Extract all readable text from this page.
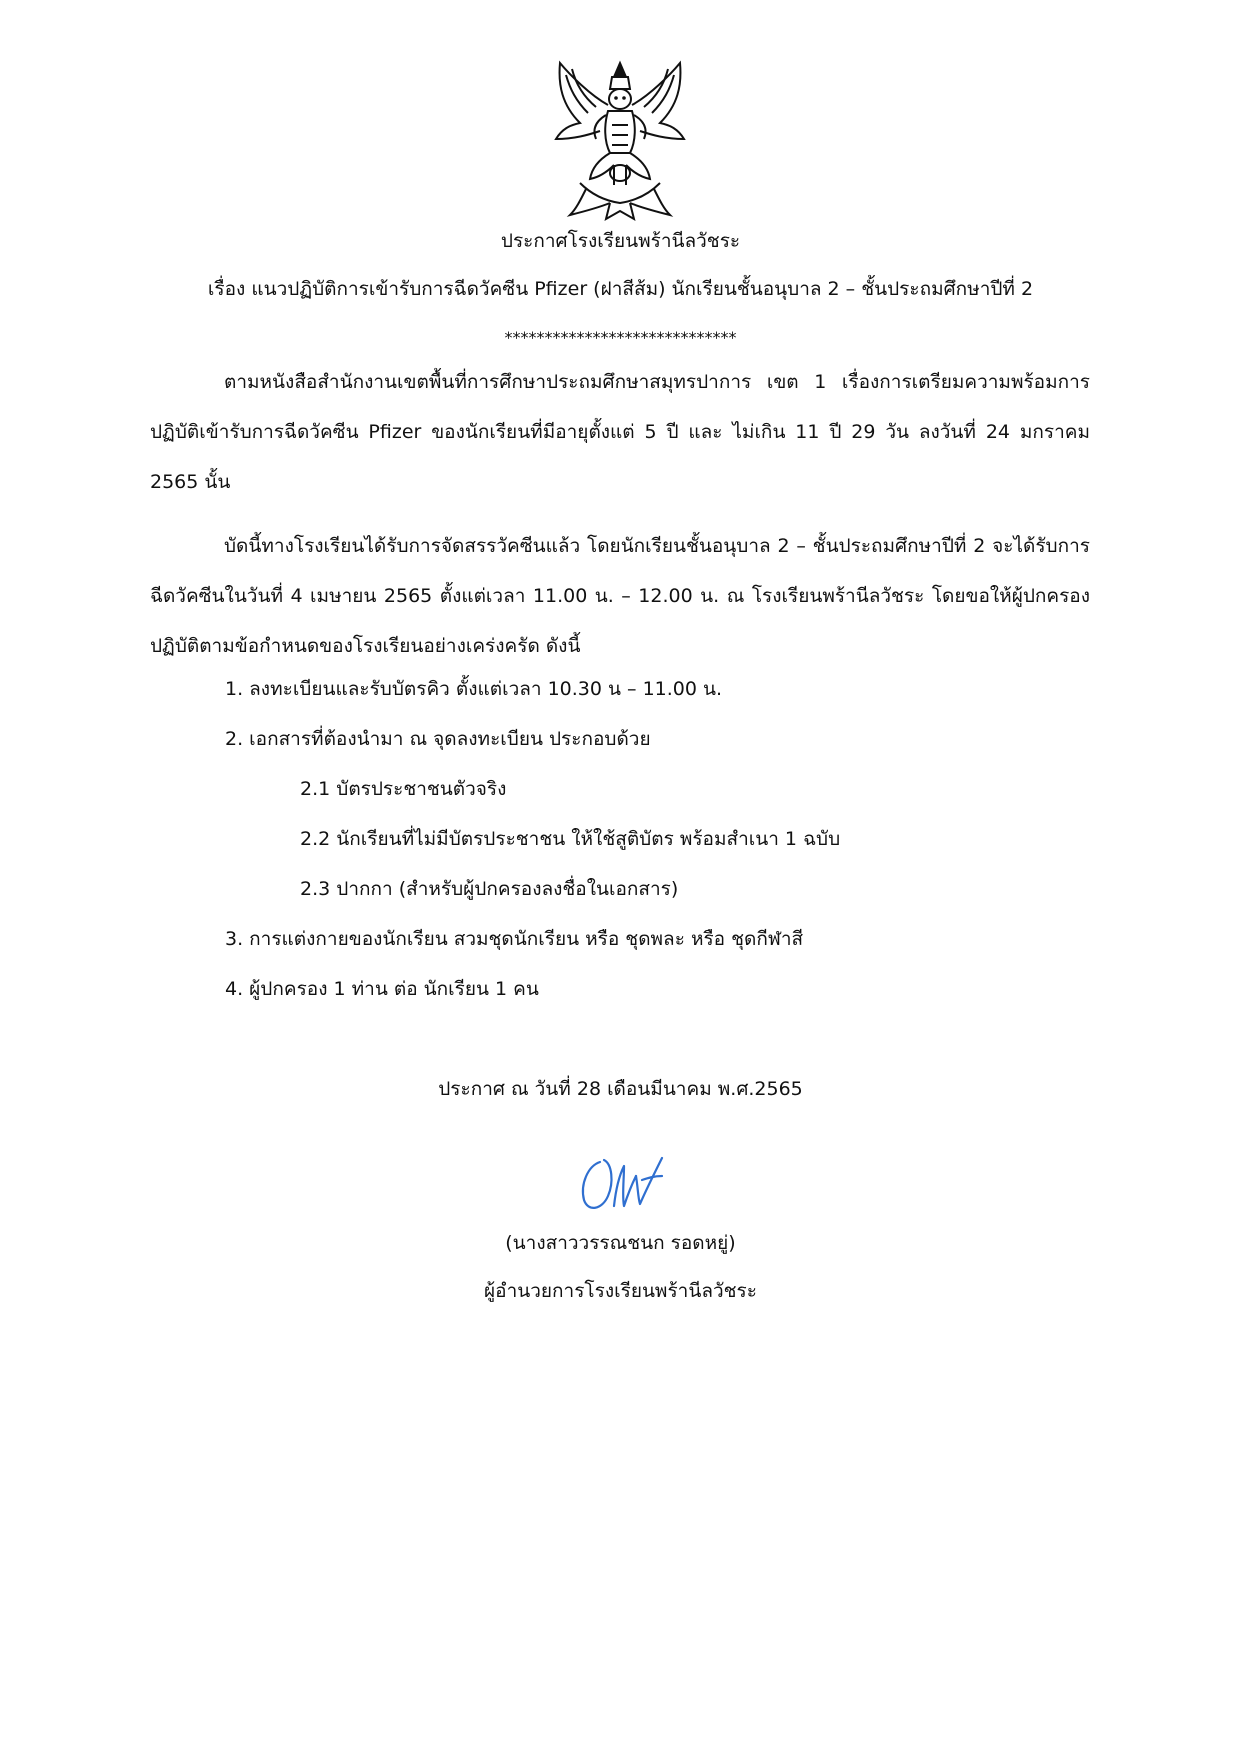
ประกาศโรงเรียนพร้านีลวัชระ
เรื่อง แนวปฏิบัติการเข้ารับการฉีดวัคซีน Pfizer (ฝาสีส้ม) นักเรียนชั้นอนุบาล 2 – ชั้นประถมศึกษาปีที่ 2
*****************************

ตามหนังสือสำนักงานเขตพื้นที่การศึกษาประถมศึกษาสมุทรปาการ เขต 1 เรื่องการเตรียมความพร้อมการปฏิบัติเข้ารับการฉีดวัคซีน Pfizer ของนักเรียนที่มีอายุตั้งแต่ 5 ปี และ ไม่เกิน 11 ปี 29 วัน ลงวันที่ 24 มกราคม 2565 นั้น

บัดนี้ทางโรงเรียนได้รับการจัดสรรวัคซีนแล้ว โดยนักเรียนชั้นอนุบาล 2 – ชั้นประถมศึกษาปีที่ 2 จะได้รับการฉีดวัคซีนในวันที่ 4 เมษายน 2565 ตั้งแต่เวลา 11.00 น. – 12.00 น. ณ โรงเรียนพร้านีลวัชระ โดยขอให้ผู้ปกครองปฏิบัติตามข้อกำหนดของโรงเรียนอย่างเคร่งครัด ดังนี้

1. ลงทะเบียนและรับบัตรคิว ตั้งแต่เวลา 10.30 น – 11.00 น.
2. เอกสารที่ต้องนำมา ณ จุดลงทะเบียน ประกอบด้วย
2.1 บัตรประชาชนตัวจริง
2.2 นักเรียนที่ไม่มีบัตรประชาชน ให้ใช้สูติบัตร พร้อมสำเนา 1 ฉบับ
2.3 ปากกา (สำหรับผู้ปกครองลงชื่อในเอกสาร)
3. การแต่งกายของนักเรียน สวมชุดนักเรียน หรือ ชุดพละ หรือ ชุดกีฬาสี
4. ผู้ปกครอง 1 ท่าน ต่อ นักเรียน 1 คน
ประกาศ ณ วันที่ 28 เดือนมีนาคม พ.ศ.2565
(นางสาววรรณชนก รอดหยู่)
ผู้อำนวยการโรงเรียนพร้านีลวัชระ
